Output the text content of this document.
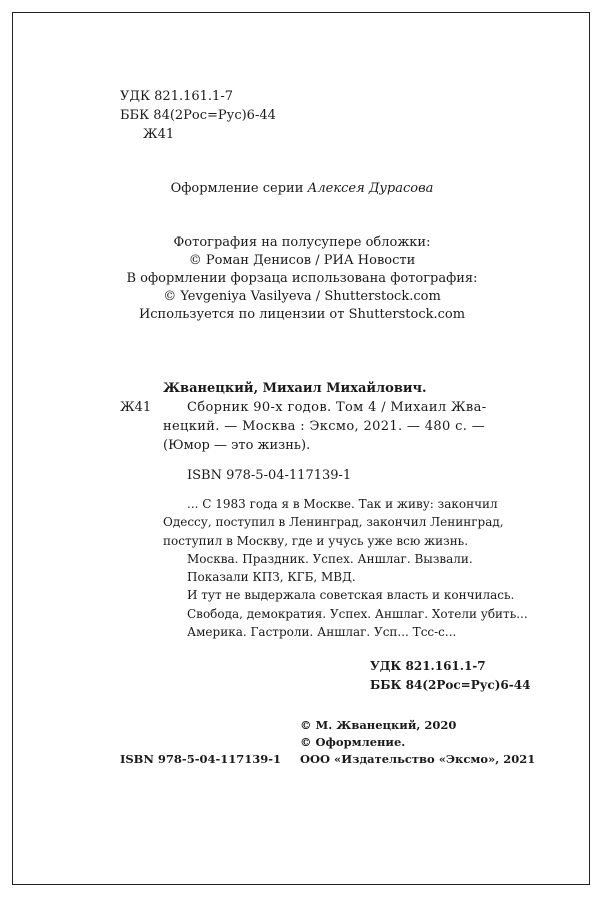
УДК 821.161.1-7
ББК 84(2Рос=Рус)6-44
Ж41
Оформление серии Алексея Дурасова
Фотография на полусупере обложки:
© Роман Денисов / РИА Новости
В оформлении форзаца использована фотография:
© Yevgeniya Vasilyeva / Shutterstock.com
Используется по лицензии от Shutterstock.com
Жванецкий, Михаил Михайлович.
Ж41	Сборник 90-х годов. Том 4 / Михаил Жва-
нецкий. — Москва : Эксмо, 2021. — 480 с. —
(Юмор — это жизнь).
ISBN 978-5-04-117139-1
... С 1983 года я в Москве. Так и живу: закончил
Одессу, поступил в Ленинград, закончил Ленинград,
поступил в Москву, где и учусь уже всю жизнь.
Москва. Праздник. Успех. Аншлаг. Вызвали.
Показали КПЗ, КГБ, МВД.
И тут не выдержала советская власть и кончилась.
Свобода, демократия. Успех. Аншлаг. Хотели убить...
Америка. Гастроли. Аншлаг. Усп... Тсс-с...
УДК 821.161.1-7
ББК 84(2Рос=Рус)6-44
© М. Жванецкий, 2020
© Оформление.
ООО «Издательство «Эксмо», 2021
ISBN 978-5-04-117139-1
